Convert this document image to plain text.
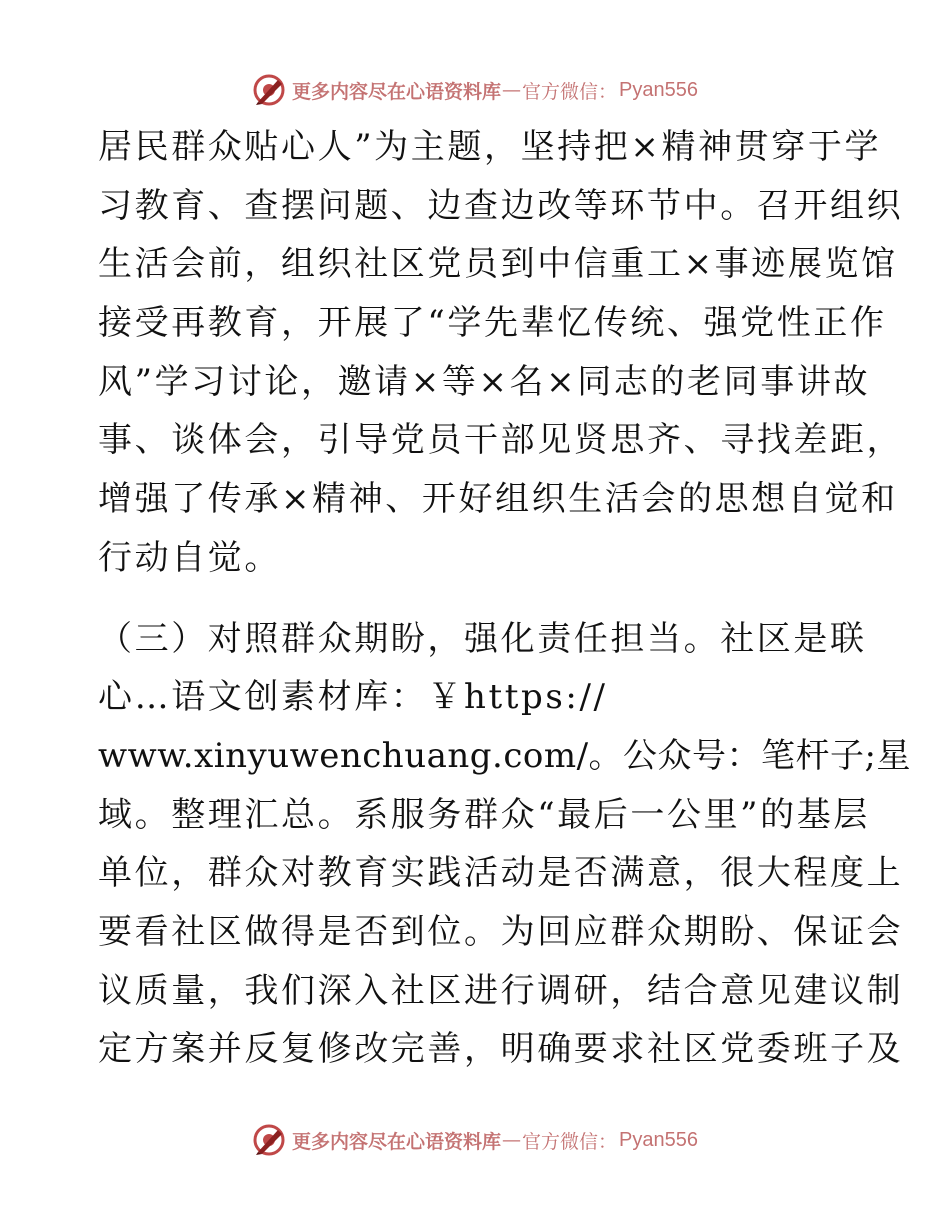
更多内容尽在心语资料库 — 官方微信： Pyan556
居民群众贴心人”为主题，坚持把×精神贯穿于学
习教育、查摆问题、边查边改等环节中。召开组织
生活会前，组织社区党员到中信重工×事迹展览馆
接受再教育，开展了“学先辈忆传统、强党性正作
风”学习讨论，邀请×等×名×同志的老同事讲故
事、谈体会，引导党员干部见贤思齐、寻找差距，
增强了传承×精神、开好组织生活会的思想自觉和
行动自觉。
（三）对照群众期盼，强化责任担当。社区是联
心…语文创素材库：￥https://
www.xinyuwenchuang.com/。公众号：笔杆子;星
域。整理汇总。系服务群众“最后一公里”的基层
单位，群众对教育实践活动是否满意，很大程度上
要看社区做得是否到位。为回应群众期盼、保证会
议质量，我们深入社区进行调研，结合意见建议制
定方案并反复修改完善，明确要求社区党委班子及
更多内容尽在心语资料库 — 官方微信： Pyan556
